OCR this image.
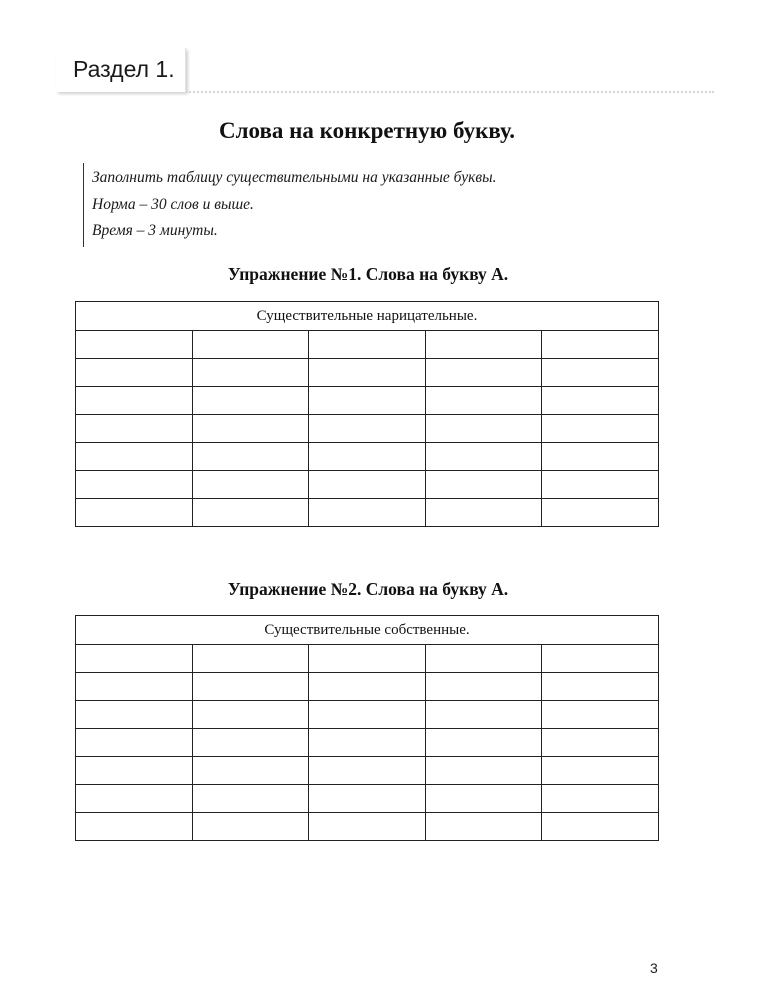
Раздел 1.
Слова на конкретную букву.
Заполнить таблицу существительными на указанные буквы.
Норма – 30 слов и выше.
Время – 3 минуты.
Упражнение №1. Слова на букву А.
Существительные нарицательные.				

Упражнение №2. Слова на букву А.
Существительные собственные.				

3
